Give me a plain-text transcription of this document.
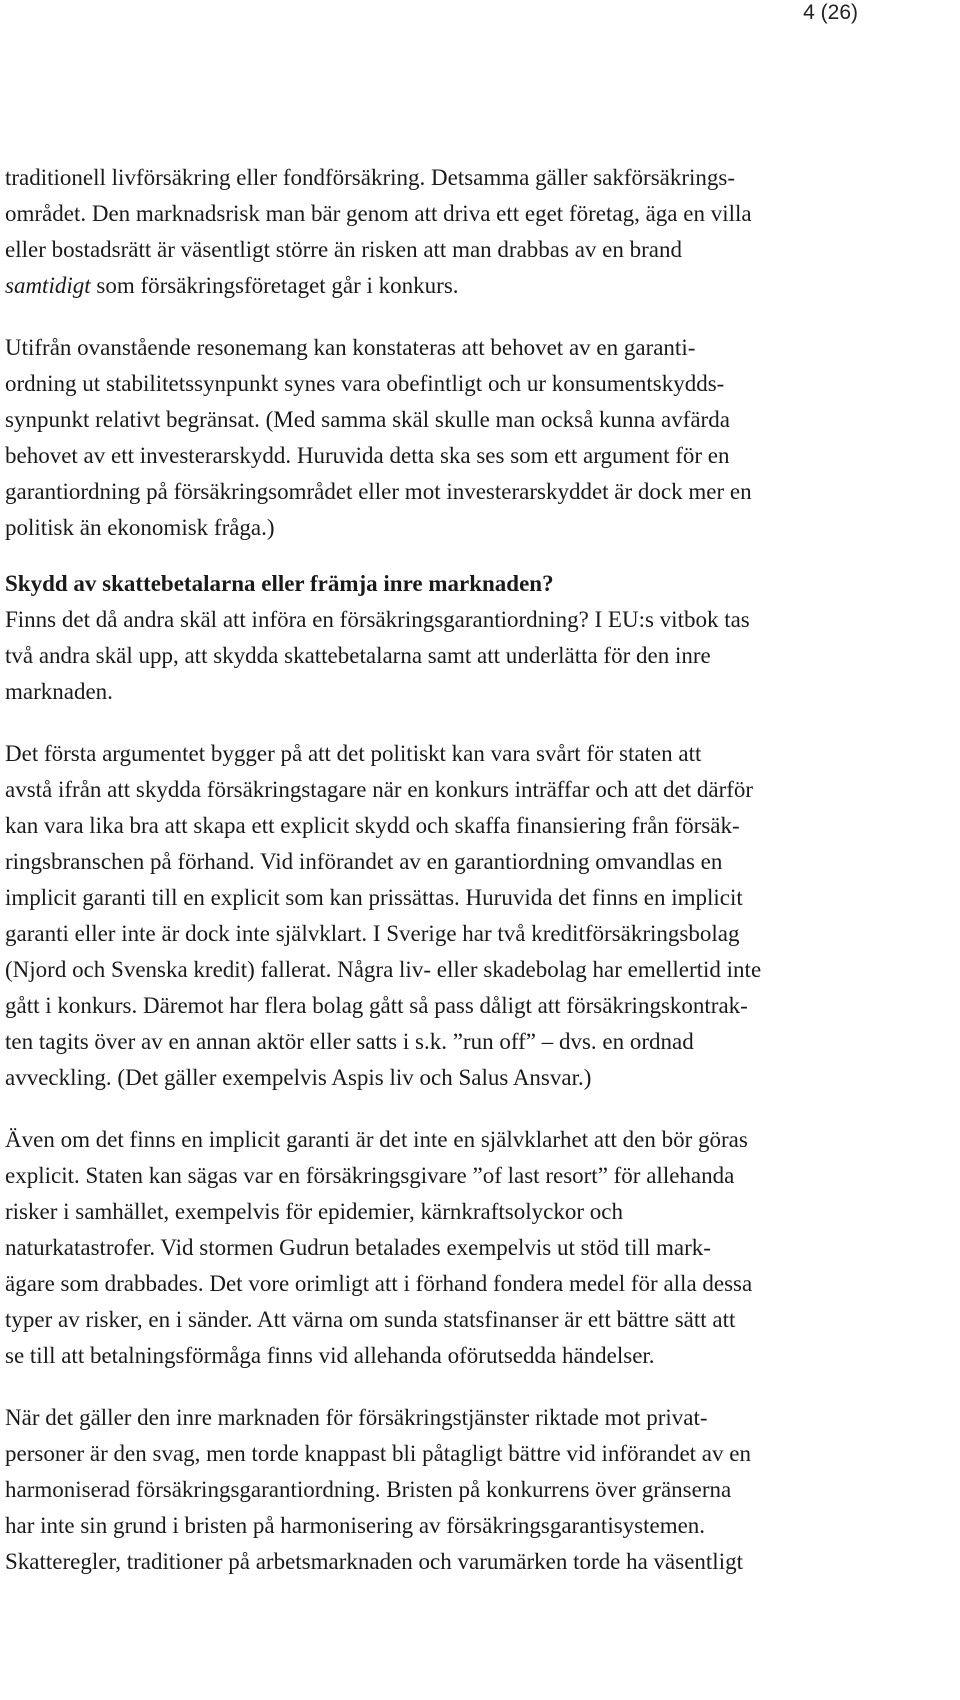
4 (26)
traditionell livförsäkring eller fondförsäkring. Detsamma gäller sakförsäkrings-
området. Den marknadsrisk man bär genom att driva ett eget företag, äga en villa
eller bostadsrätt är väsentligt större än risken att man drabbas av en brand
samtidigt som försäkringsföretaget går i konkurs.
Utifrån ovanstående resonemang kan konstateras att behovet av en garanti-
ordning ut stabilitetssynpunkt synes vara obefintligt och ur konsumentskydds-
synpunkt relativt begränsat. (Med samma skäl skulle man också kunna avfärda
behovet av ett investerarskydd. Huruvida detta ska ses som ett argument för en
garantiordning på försäkringsområdet eller mot investerarskyddet är dock mer en
politisk än ekonomisk fråga.)
Skydd av skattebetalarna eller främja inre marknaden?
Finns det då andra skäl att införa en försäkringsgarantiordning? I EU:s vitbok tas
två andra skäl upp, att skydda skattebetalarna samt att underlätta för den inre
marknaden.
Det första argumentet bygger på att det politiskt kan vara svårt för staten att
avstå ifrån att skydda försäkringstagare när en konkurs inträffar och att det därför
kan vara lika bra att skapa ett explicit skydd och skaffa finansiering från försäk-
ringsbranschen på förhand. Vid införandet av en garantiordning omvandlas en
implicit garanti till en explicit som kan prissättas. Huruvida det finns en implicit
garanti eller inte är dock inte självklart. I Sverige har två kreditförsäkringsbolag
(Njord och Svenska kredit) fallerat. Några liv- eller skadebolag har emellertid inte
gått i konkurs. Däremot har flera bolag gått så pass dåligt att försäkringskontrak-
ten tagits över av en annan aktör eller satts i s.k. ”run off” – dvs. en ordnad
avveckling. (Det gäller exempelvis Aspis liv och Salus Ansvar.)
Även om det finns en implicit garanti är det inte en självklarhet att den bör göras
explicit. Staten kan sägas var en försäkringsgivare ”of last resort” för allehanda
risker i samhället, exempelvis för epidemier, kärnkraftsolyckor och
naturkatastrofer. Vid stormen Gudrun betalades exempelvis ut stöd till mark-
ägare som drabbades. Det vore orimligt att i förhand fondera medel för alla dessa
typer av risker, en i sänder. Att värna om sunda statsfinanser är ett bättre sätt att
se till att betalningsförmåga finns vid allehanda oförutsedda händelser.
När det gäller den inre marknaden för försäkringstjänster riktade mot privat-
personer är den svag, men torde knappast bli påtagligt bättre vid införandet av en
harmoniserad försäkringsgarantiordning. Bristen på konkurrens över gränserna
har inte sin grund i bristen på harmonisering av försäkringsgarantisystemen.
Skatteregler, traditioner på arbetsmarknaden och varumärken torde ha väsentligt
